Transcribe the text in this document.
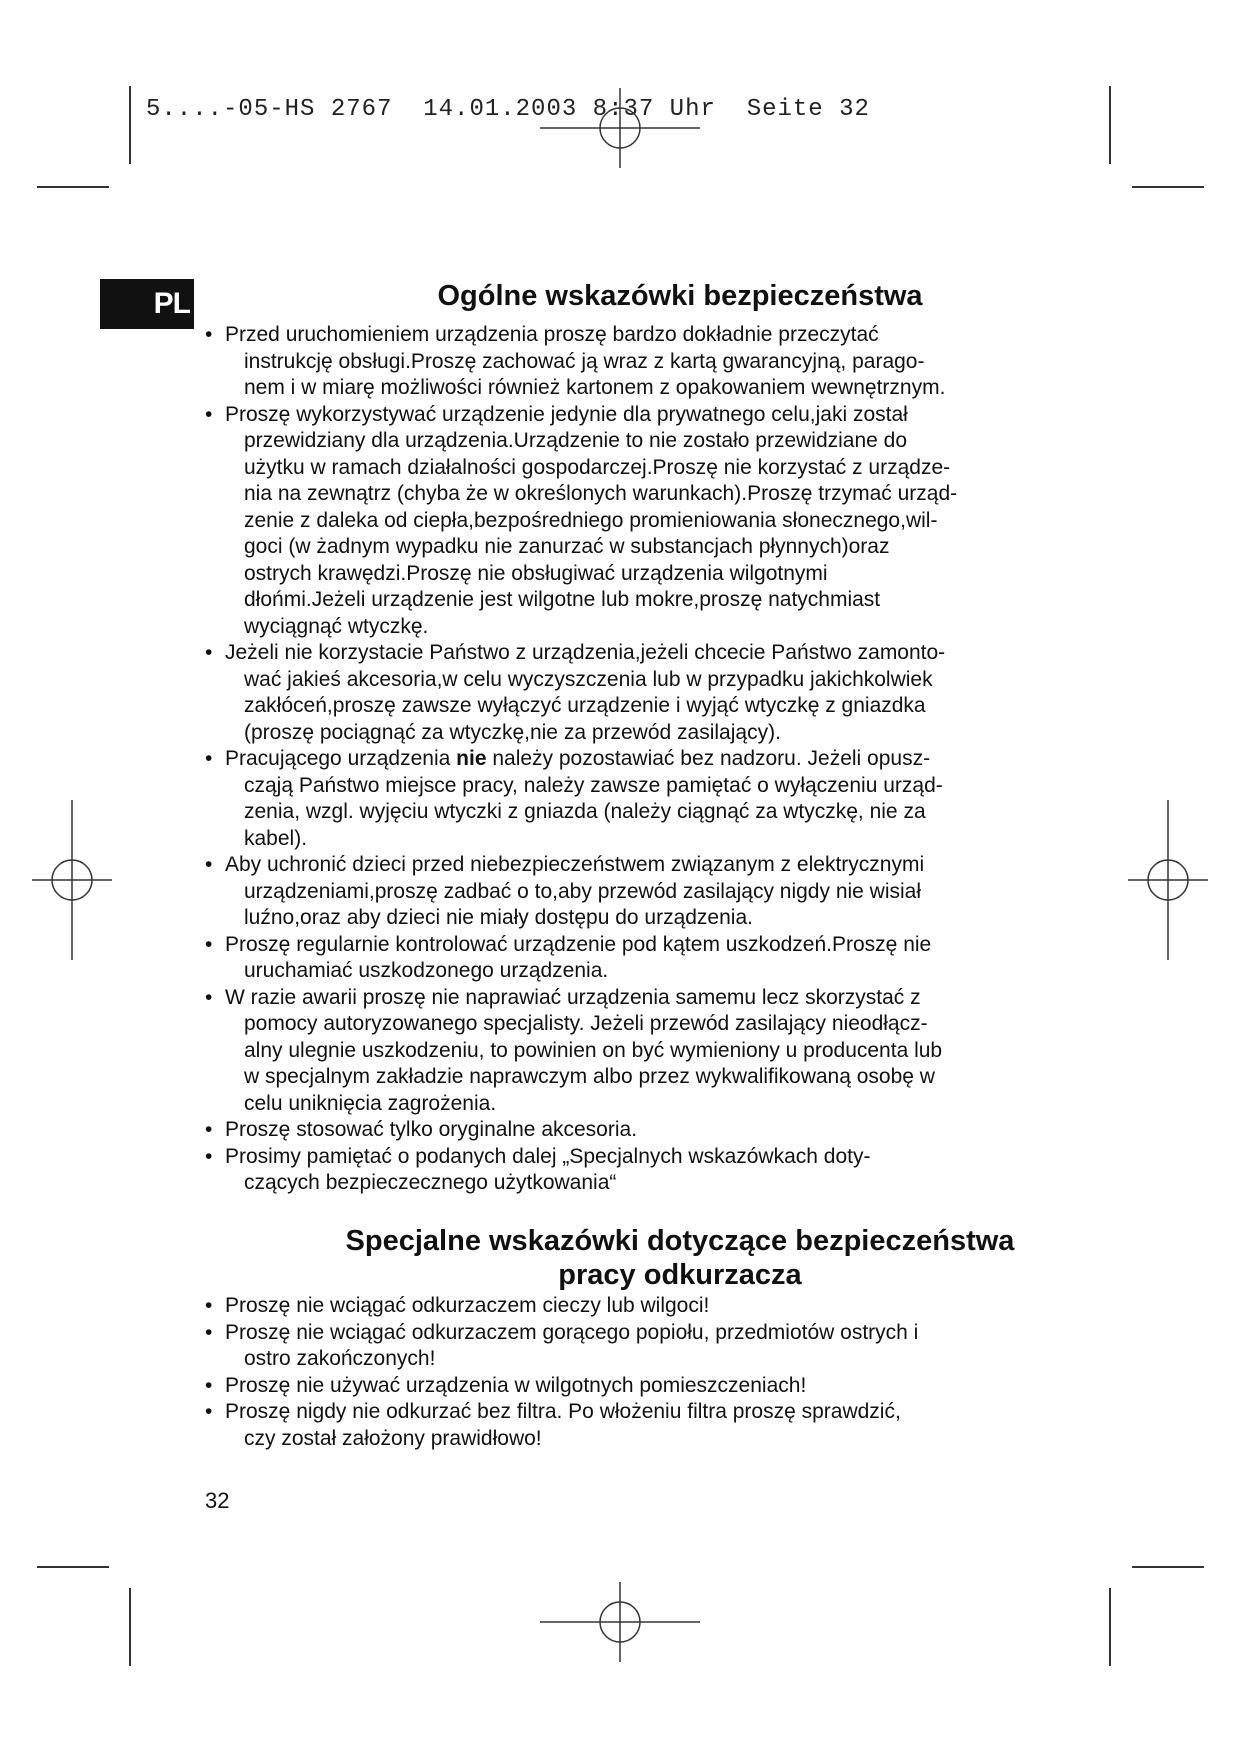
5....-05-HS 2767  14.01.2003 8:37 Uhr  Seite 32
PL	Ogólne wskazówki bezpieczeństwa
• Przed uruchomieniem urządzenia proszę bardzo dokładnie przeczytać
instrukcję obsługi.Proszę zachować ją wraz z kartą gwarancyjną, parago-
nem i w miarę możliwości również kartonem z opakowaniem wewnętrznym.
• Proszę wykorzystywać urządzenie jedynie dla prywatnego celu,jaki został
przewidziany dla urządzenia.Urządzenie to nie zostało przewidziane do
użytku w ramach działalności gospodarczej.Proszę nie korzystać z urządze-
nia na zewnątrz (chyba że w określonych warunkach).Proszę trzymać urząd-
zenie z daleka od ciepła,bezpośredniego promieniowania słonecznego,wil-
goci (w żadnym wypadku nie zanurzać w substancjach płynnych)oraz
ostrych krawędzi.Proszę nie obsługiwać urządzenia wilgotnymi
dłońmi.Jeżeli urządzenie jest wilgotne lub mokre,proszę natychmiast
wyciągnąć wtyczkę.
• Jeżeli nie korzystacie Państwo z urządzenia,jeżeli chcecie Państwo zamonto-
wać jakieś akcesoria,w celu wyczyszczenia lub w przypadku jakichkolwiek
zakłóceń,proszę zawsze wyłączyć urządzenie i wyjąć wtyczkę z gniazdka
(proszę pociągnąć za wtyczkę,nie za przewód zasilający).
• Pracującego urządzenia nie należy pozostawiać bez nadzoru. Jeżeli opusz-
cząją Państwo miejsce pracy, należy zawsze pamiętać o wyłączeniu urząd-
zenia, wzgl. wyjęciu wtyczki z gniazda (należy ciągnąć za wtyczkę, nie za
kabel).
• Aby uchronić dzieci przed niebezpieczeństwem związanym z elektrycznymi
urządzeniami,proszę zadbać o to,aby przewód zasilający nigdy nie wisiał
luźno,oraz aby dzieci nie miały dostępu do urządzenia.
• Proszę regularnie kontrolować urządzenie pod kątem uszkodzeń.Proszę nie
uruchamiać uszkodzonego urządzenia.
• W razie awarii proszę nie naprawiać urządzenia samemu lecz skorzystać z
pomocy autoryzowanego specjalisty. Jeżeli przewód zasilający nieodłącz-
alny ulegnie uszkodzeniu, to powinien on być wymieniony u producenta lub
w specjalnym zakładzie naprawczym albo przez wykwalifikowaną osobę w
celu uniknięcia zagrożenia.
• Proszę stosować tylko oryginalne akcesoria.
• Prosimy pamiętać o podanych dalej „Specjalnych wskazówkach doty-
czących bezpieczecznego użytkowania“
Specjalne wskazówki dotyczące bezpieczeństwa
pracy odkurzacza
• Proszę nie wciągać odkurzaczem cieczy lub wilgoci!
• Proszę nie wciągać odkurzaczem gorącego popiołu, przedmiotów ostrych i
ostro zakończonych!
• Proszę nie używać urządzenia w wilgotnych pomieszczeniach!
• Proszę nigdy nie odkurzać bez filtra. Po włożeniu filtra proszę sprawdzić,
czy został założony prawidłowo!
32
